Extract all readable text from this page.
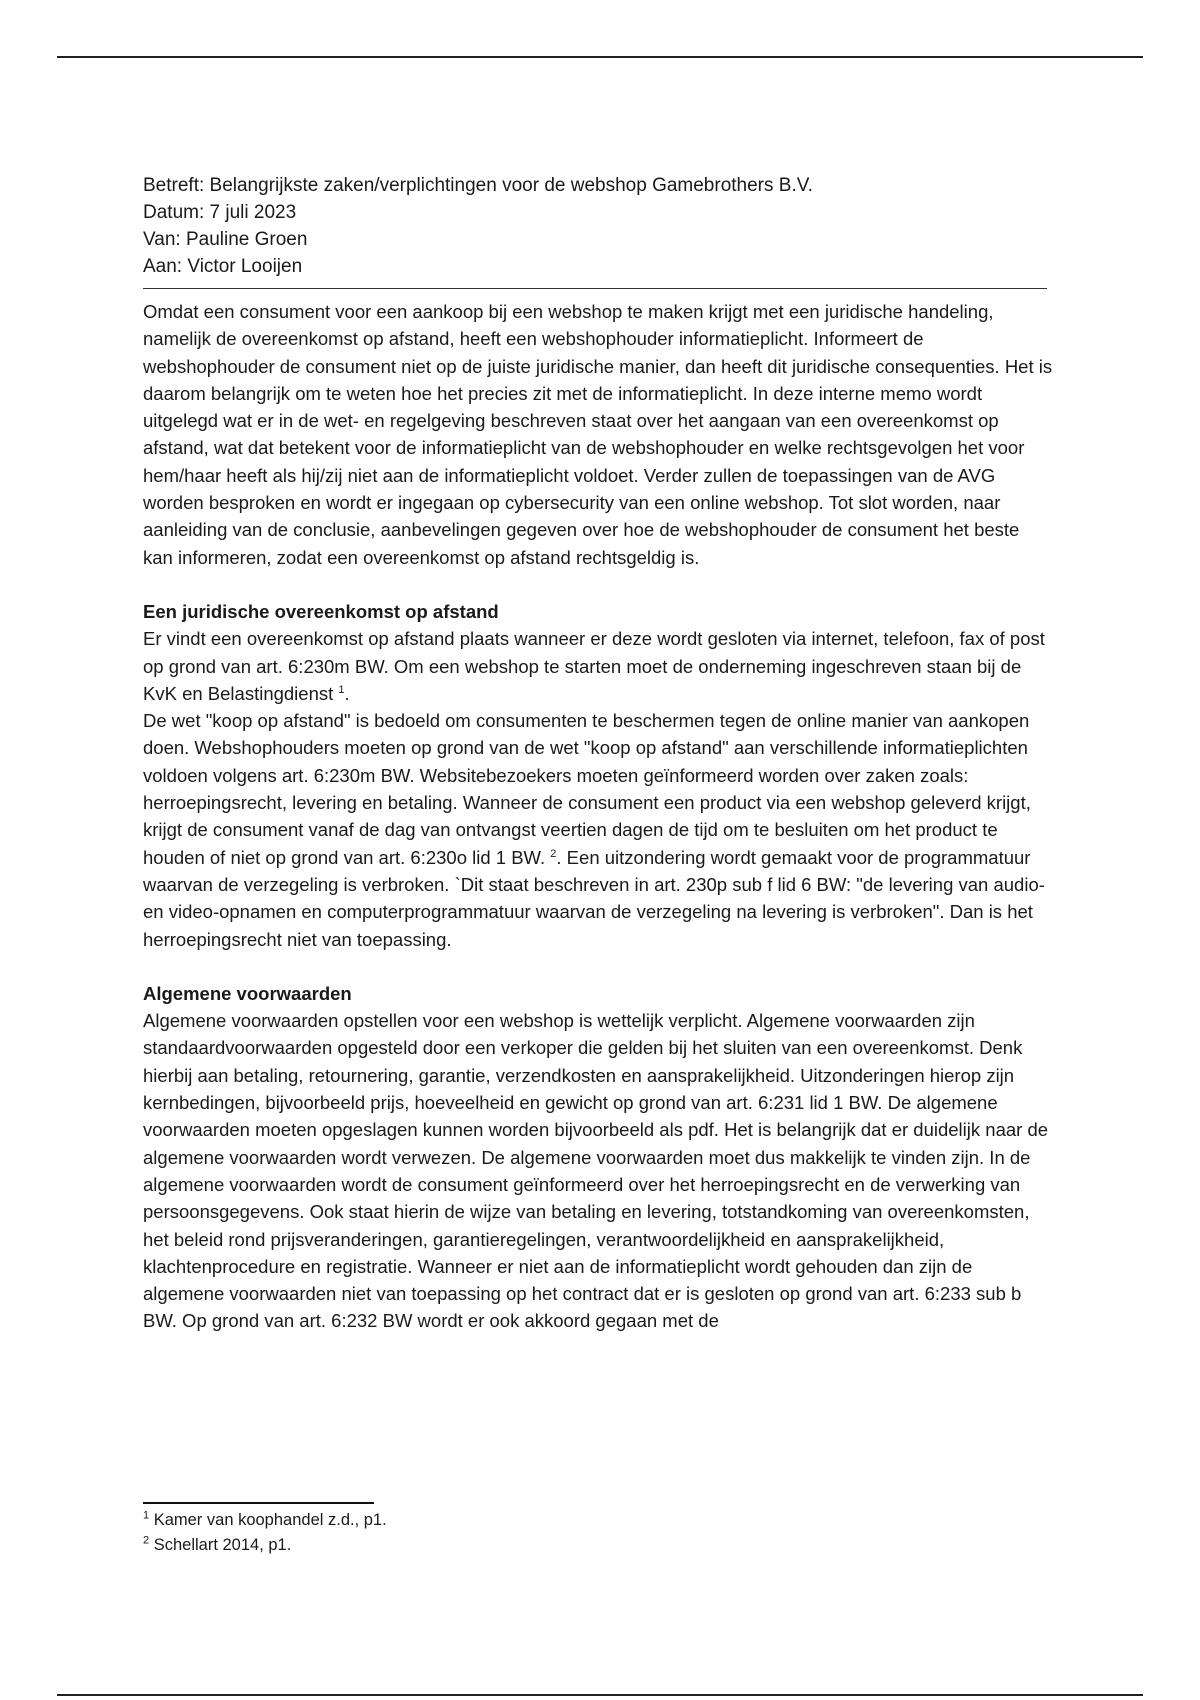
Betreft: Belangrijkste zaken/verplichtingen voor de webshop Gamebrothers B.V.

Datum: 7 juli 2023

Van: Pauline Groen

Aan: Victor Looijen

Omdat een consument voor een aankoop bij een webshop te maken krijgt met een juridische handeling, namelijk de overeenkomst op afstand, heeft een webshophouder informatieplicht. Informeert de webshophouder de consument niet op de juiste juridische manier, dan heeft dit juridische consequenties. Het is daarom belangrijk om te weten hoe het precies zit met de informatieplicht. In deze interne memo wordt uitgelegd wat er in de wet- en regelgeving beschreven staat over het aangaan van een overeenkomst op afstand, wat dat betekent voor de informatieplicht van de webshophouder en welke rechtsgevolgen het voor hem/haar heeft als hij/zij niet aan de informatieplicht voldoet. Verder zullen de toepassingen van de AVG worden besproken en wordt er ingegaan op cybersecurity van een online webshop. Tot slot worden, naar aanleiding van de conclusie, aanbevelingen gegeven over hoe de webshophouder de consument het beste kan informeren, zodat een overeenkomst op afstand rechtsgeldig is.

Een juridische overeenkomst op afstand

Er vindt een overeenkomst op afstand plaats wanneer er deze wordt gesloten via internet, telefoon, fax of post op grond van art. 6:230m BW. Om een webshop te starten moet de onderneming ingeschreven staan bij de KvK en Belastingdienst $^1$.

De wet "koop op afstand" is bedoeld om consumenten te beschermen tegen de online manier van aankopen doen. Webshophouders moeten op grond van de wet "koop op afstand" aan verschillende informatieplichten voldoen volgens art. 6:230m BW. Websitebezoekers moeten geïnformeerd worden over zaken zoals: herroepingsrecht, levering en betaling. Wanneer de consument een product via een webshop geleverd krijgt, krijgt de consument vanaf de dag van ontvangst veertien dagen de tijd om te besluiten om het product te houden of niet op grond van art. 6:230o lid 1 BW. $^2$. Een uitzondering wordt gemaakt voor de programmatuur waarvan de verzegeling is verbroken. `Dit staat beschreven in art. 230p sub f lid 6 BW: "de levering van audio- en video-opnamen en computerprogrammatuur waarvan de verzegeling na levering is verbroken". Dan is het herroepingsrecht niet van toepassing.

Algemene voorwaarden

Algemene voorwaarden opstellen voor een webshop is wettelijk verplicht. Algemene voorwaarden zijn standaardvoorwaarden opgesteld door een verkoper die gelden bij het sluiten van een overeenkomst. Denk hierbij aan betaling, retournering, garantie, verzendkosten en aansprakelijkheid. Uitzonderingen hierop zijn kernbedingen, bijvoorbeeld prijs, hoeveelheid en gewicht op grond van art. 6:231 lid 1 BW. De algemene voorwaarden moeten opgeslagen kunnen worden bijvoorbeeld als pdf. Het is belangrijk dat er duidelijk naar de algemene voorwaarden wordt verwezen. De algemene voorwaarden moet dus makkelijk te vinden zijn. In de algemene voorwaarden wordt de consument geïnformeerd over het herroepingsrecht en de verwerking van persoonsgegevens. Ook staat hierin de wijze van betaling en levering, totstandkoming van overeenkomsten, het beleid rond prijsveranderingen, garantieregelingen, verantwoordelijkheid en aansprakelijkheid, klachtenprocedure en registratie. Wanneer er niet aan de informatieplicht wordt gehouden dan zijn de algemene voorwaarden niet van toepassing op het contract dat er is gesloten op grond van art. 6:233 sub b BW. Op grond van art. 6:232 BW wordt er ook akkoord gegaan met de

$^1$ Kamer van koophandel z.d., p1.

$^2$ Schellart 2014, p1.
